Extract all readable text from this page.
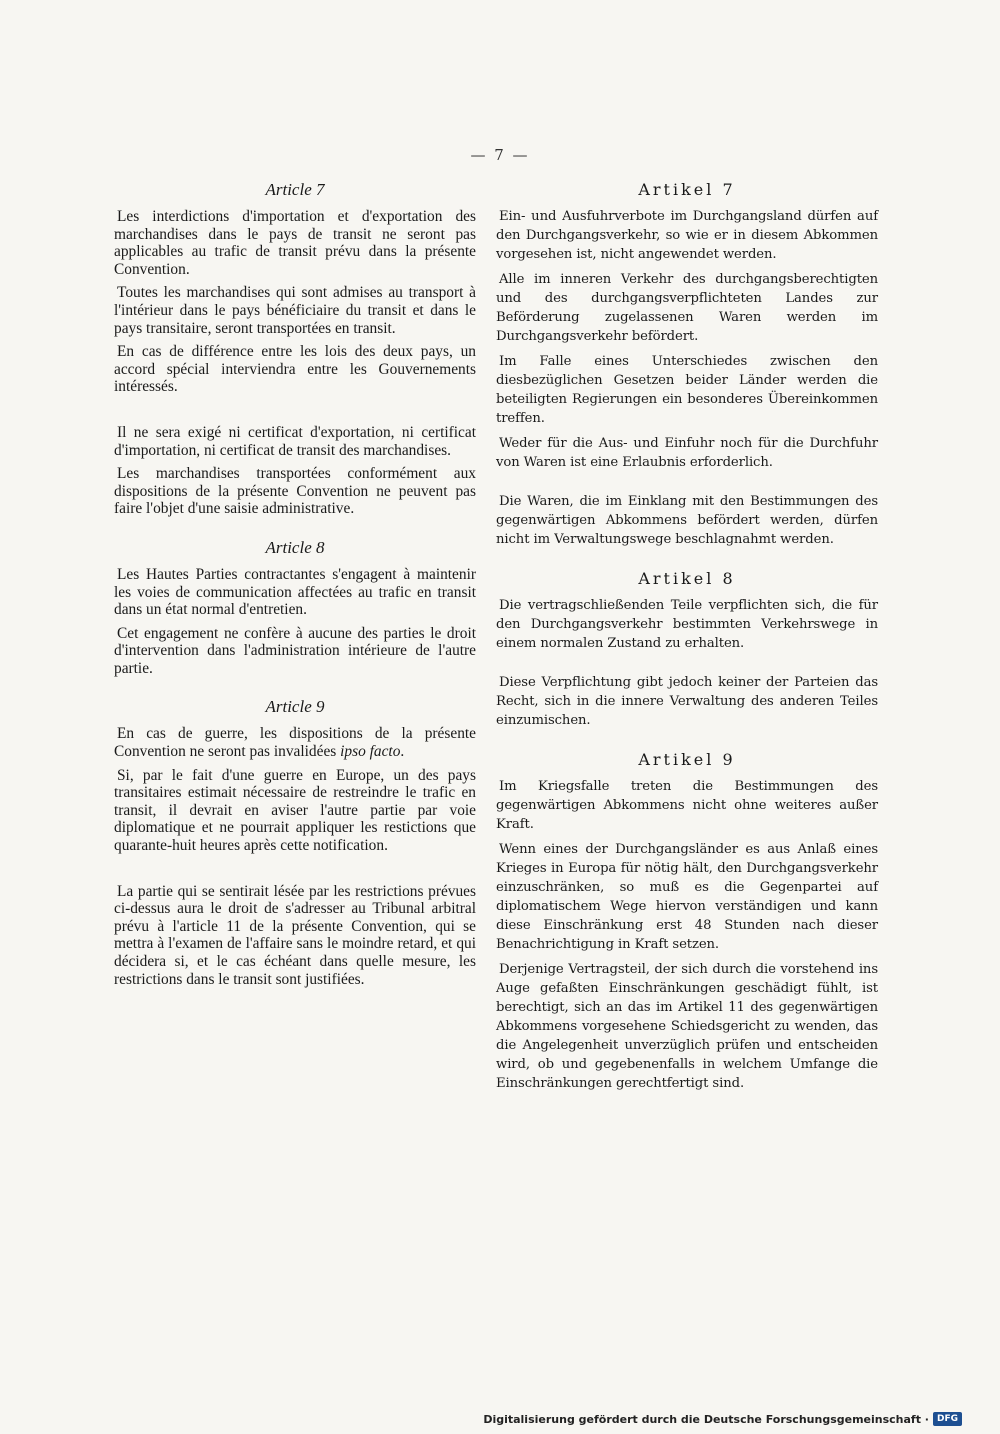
— 7 —
Article 7

Les interdictions d'importation et d'exportation des marchandises dans le pays de transit ne seront pas applicables au trafic de transit prévu dans la présente Convention.

Toutes les marchandises qui sont admises au transport à l'intérieur dans le pays bénéficiaire du transit et dans le pays transitaire, seront transportées en transit.

En cas de différence entre les lois des deux pays, un accord spécial interviendra entre les Gouvernements intéressés.

Il ne sera exigé ni certificat d'exportation, ni certificat d'importation, ni certificat de transit des marchandises.

Les marchandises transportées conformément aux dispositions de la présente Convention ne peuvent pas faire l'objet d'une saisie administrative.

Article 8

Les Hautes Parties contractantes s'engagent à maintenir les voies de communication affectées au trafic en transit dans un état normal d'entretien.

Cet engagement ne confère à aucune des parties le droit d'intervention dans l'administration intérieure de l'autre partie.

Article 9

En cas de guerre, les dispositions de la présente Convention ne seront pas invalidées ipso facto.

Si, par le fait d'une guerre en Europe, un des pays transitaires estimait nécessaire de restreindre le trafic en transit, il devrait en aviser l'autre partie par voie diplomatique et ne pourrait appliquer les restictions que quarante-huit heures après cette notification.

La partie qui se sentirait lésée par les restrictions prévues ci-dessus aura le droit de s'adresser au Tribunal arbitral prévu à l'article 11 de la présente Convention, qui se mettra à l'examen de l'affaire sans le moindre retard, et qui décidera si, et le cas échéant dans quelle mesure, les restrictions dans le transit sont justifiées.

Artikel 7

Ein- und Ausfuhrverbote im Durchgangsland dürfen auf den Durchgangsverkehr, so wie er in diesem Abkommen vorgesehen ist, nicht angewendet werden.

Alle im inneren Verkehr des durchgangsberechtigten und des durchgangsverpflichteten Landes zur Beförderung zugelassenen Waren werden im Durchgangsverkehr befördert.

Im Falle eines Unterschiedes zwischen den diesbezüglichen Gesetzen beider Länder werden die beteiligten Regierungen ein besonderes Übereinkommen treffen.

Weder für die Aus- und Einfuhr noch für die Durchfuhr von Waren ist eine Erlaubnis erforderlich.

Die Waren, die im Einklang mit den Bestimmungen des gegenwärtigen Abkommens befördert werden, dürfen nicht im Verwaltungswege beschlagnahmt werden.

Artikel 8

Die vertragschließenden Teile verpflichten sich, die für den Durchgangsverkehr bestimmten Verkehrswege in einem normalen Zustand zu erhalten.

Diese Verpflichtung gibt jedoch keiner der Parteien das Recht, sich in die innere Verwaltung des anderen Teiles einzumischen.

Artikel 9

Im Kriegsfalle treten die Bestimmungen des gegenwärtigen Abkommens nicht ohne weiteres außer Kraft.

Wenn eines der Durchgangsländer es aus Anlaß eines Krieges in Europa für nötig hält, den Durchgangsverkehr einzuschränken, so muß es die Gegenpartei auf diplomatischem Wege hiervon verständigen und kann diese Einschränkung erst 48 Stunden nach dieser Benachrichtigung in Kraft setzen.

Derjenige Vertragsteil, der sich durch die vorstehend ins Auge gefaßten Einschränkungen geschädigt fühlt, ist berechtigt, sich an das im Artikel 11 des gegenwärtigen Abkommens vorgesehene Schiedsgericht zu wenden, das die Angelegenheit unverzüglich prüfen und entscheiden wird, ob und gegebenenfalls in welchem Umfange die Einschränkungen gerechtfertigt sind.

Digitalisierung gefördert durch die Deutsche Forschungsgemeinschaft · DFG
